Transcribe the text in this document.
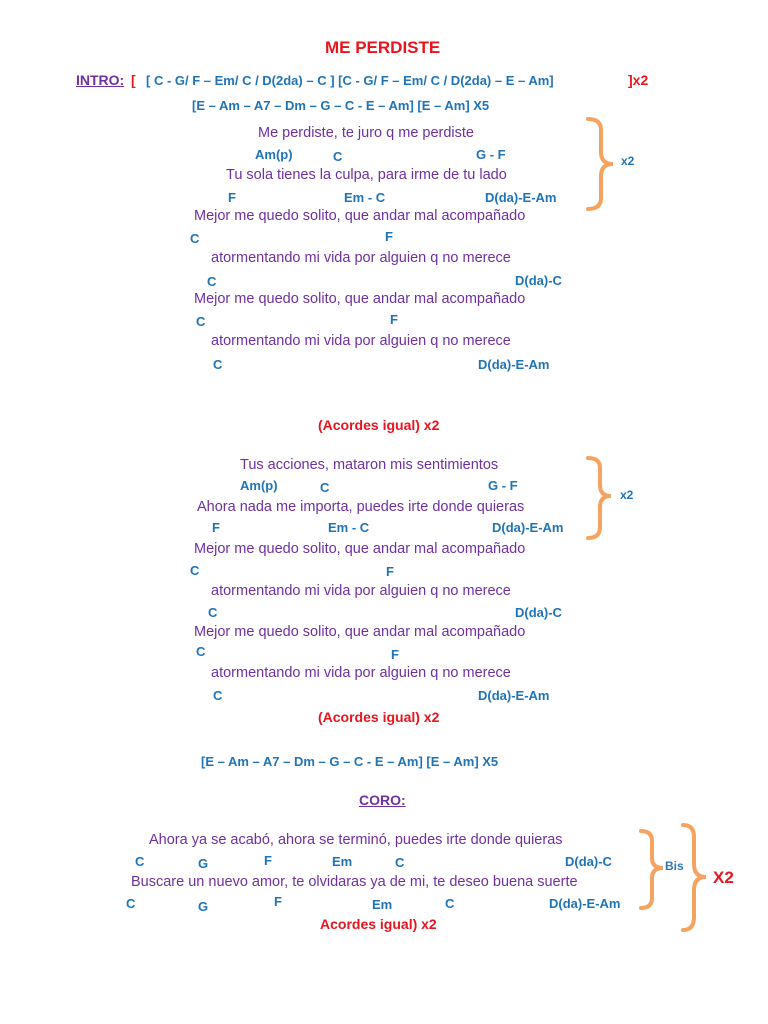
ME PERDISTE
INTRO: [ [ C - G/ F – Em/ C / D(2da) – C ] [C - G/ F – Em/ C / D(2da) – E – Am]	]x2
[E – Am – A7 – Dm – G – C - E – Am] [E – Am] X5
Me perdiste, te juro q me perdiste
Am(p)	C	G - F
Tu sola tienes la culpa, para irme de tu lado
F	Em - C	D(da)-E-Am
Mejor me quedo solito, que andar mal acompañado
C	F
atormentando mi vida por alguien q no merece
C	D(da)-C
Mejor me quedo solito, que andar mal acompañado
C	F
atormentando mi vida por alguien q no merece
C	D(da)-E-Am
x2
(Acordes igual) x2
Tus acciones, mataron mis sentimientos
Am(p)	C	G - F
Ahora nada me importa, puedes irte donde quieras
F	Em - C	D(da)-E-Am
Mejor me quedo solito, que andar mal acompañado
C	F
atormentando mi vida por alguien q no merece
C	D(da)-C
Mejor me quedo solito, que andar mal acompañado
C	F
atormentando mi vida por alguien q no merece
C	D(da)-E-Am
x2
(Acordes igual) x2
[E – Am – A7 – Dm – G – C - E – Am] [E – Am] X5
CORO:
Ahora ya se acabó, ahora se terminó, puedes irte donde quieras
C	G	F	Em	C	D(da)-C
Buscare un nuevo amor, te olvidaras ya de mi, te deseo buena suerte
C	G	F	Em	C	D(da)-E-Am
Bis
X2
Acordes igual) x2
